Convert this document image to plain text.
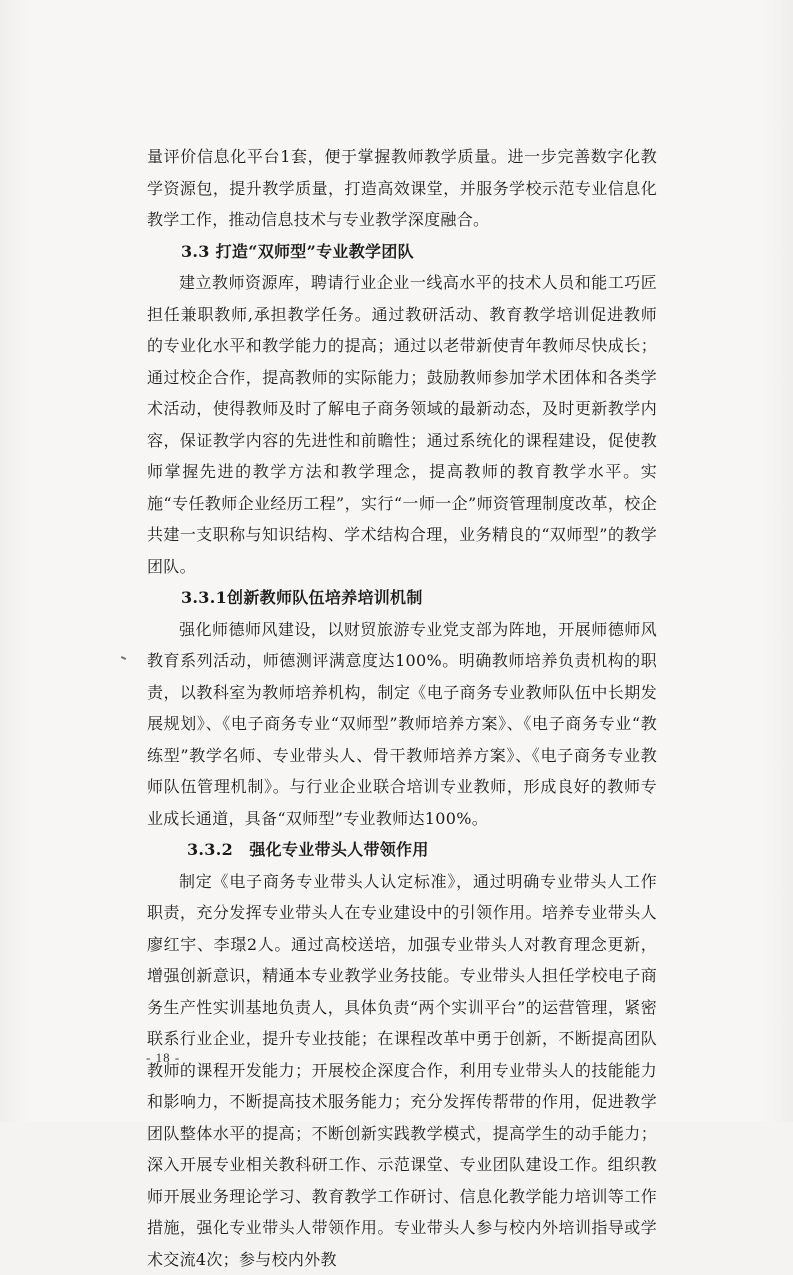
量评价信息化平台1套，便于掌握教师教学质量。进一步完善数字化教学资源包，提升教学质量，打造高效课堂，并服务学校示范专业信息化教学工作，推动信息技术与专业教学深度融合。

3.3 打造“双师型”专业教学团队

建立教师资源库，聘请行业企业一线高水平的技术人员和能工巧匠担任兼职教师,承担教学任务。通过教研活动、教育教学培训促进教师的专业化水平和教学能力的提高；通过以老带新使青年教师尽快成长；通过校企合作，提高教师的实际能力；鼓励教师参加学术团体和各类学术活动，使得教师及时了解电子商务领域的最新动态，及时更新教学内容，保证教学内容的先进性和前瞻性；通过系统化的课程建设，促使教师掌握先进的教学方法和教学理念，提高教师的教育教学水平。实施“专任教师企业经历工程”，实行“一师一企”师资管理制度改革，校企共建一支职称与知识结构、学术结构合理，业务精良的“双师型”的教学团队。

3.3.1创新教师队伍培养培训机制

强化师德师风建设，以财贸旅游专业党支部为阵地，开展师德师风教育系列活动，师德测评满意度达100%。明确教师培养负责机构的职责，以教科室为教师培养机构，制定《电子商务专业教师队伍中长期发展规划》、《电子商务专业“双师型”教师培养方案》、《电子商务专业“教练型”教学名师、专业带头人、骨干教师培养方案》、《电子商务专业教师队伍管理机制》。与行业企业联合培训专业教师，形成良好的教师专业成长通道，具备“双师型”专业教师达100%。

3.3.2　强化专业带头人带领作用

制定《电子商务专业带头人认定标准》，通过明确专业带头人工作职责，充分发挥专业带头人在专业建设中的引领作用。培养专业带头人廖红宇、李璟2人。通过高校送培，加强专业带头人对教育理念更新，增强创新意识，精通本专业教学业务技能。专业带头人担任学校电子商务生产性实训基地负责人，具体负责“两个实训平台”的运营管理，紧密联系行业企业，提升专业技能；在课程改革中勇于创新，不断提高团队教师的课程开发能力；开展校企深度合作，利用专业带头人的技能能力和影响力，不断提高技术服务能力；充分发挥传帮带的作用，促进教学团队整体水平的提高；不断创新实践教学模式，提高学生的动手能力；深入开展专业相关教科研工作、示范课堂、专业团队建设工作。组织教师开展业务理论学习、教育教学工作研讨、信息化教学能力培训等工作措施，强化专业带头人带领作用。专业带头人参与校内外培训指导或学术交流4次；参与校内外教

- 18 -
